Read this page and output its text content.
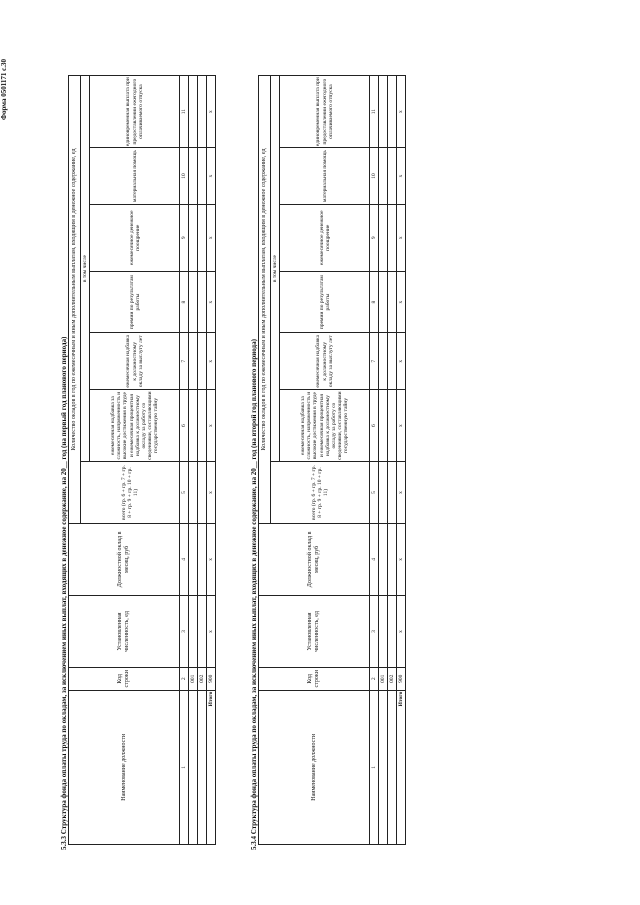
Форма 0501171 с.30
5.3.3 Структура фонда оплаты труда по окладам, за исключением иных выплат, входящих в денежное содержание, на 20__ год (на первый год планового периода)	Наименование должности	Код строки	Установленная численность, ед	Должностной оклад в месяц, руб	Количество окладов в год по ежемесячным и иным дополнительным выплатам, входящим в денежное содержание, ед						
				всего (гр. 6 + гр. 7 + гр. 8 + гр. 9 + гр. 10 + гр. 11)	в том числе					
					ежемесячная надбавка за сложность, напряженность и высокие достижения в труде и ежемесячная процентная надбавка к должностному окладу за работу со сведениями, составляющими государственную тайну	ежемесячная надбавка к должностному окладу за выслугу лет	премии по результатам работы	ежемесячное денежное поощрение	материальная помощь	единовременная выплата при предоставлении ежегодного оплачиваемого отпуска
1	2	3	4	5	6	7	8	9	10	11
	001									
	002									
Итого	900	х	х	х	х	х	х	х	х	х
5.3.4 Структура фонда оплаты труда по окладам, за исключением иных выплат, входящих в денежное содержание, на 20__ год (на второй год планового периода)	Наименование должности	Код строки	Установленная численность, ед	Должностной оклад в месяц, руб	Количество окладов в год по ежемесячным и иным дополнительным выплатам, входящим в денежное содержание, ед						
				всего (гр. 6 + гр. 7 + гр. 8 + гр. 9 + гр. 10 + гр. 11)	в том числе					
					ежемесячная надбавка за сложность, напряженность и высокие достижения в труде и ежемесячная процентная надбавка к должностному окладу за работу со сведениями, составляющими государственную тайну	ежемесячная надбавка к должностному окладу за выслугу лет	премии по результатам работы	ежемесячное денежное поощрение	материальная помощь	единовременная выплата при предоставлении ежегодного оплачиваемого отпуска
1	2	3	4	5	6	7	8	9	10	11
	001									
	002									
Итого	900	х	х	х	х	х	х	х	х	х
